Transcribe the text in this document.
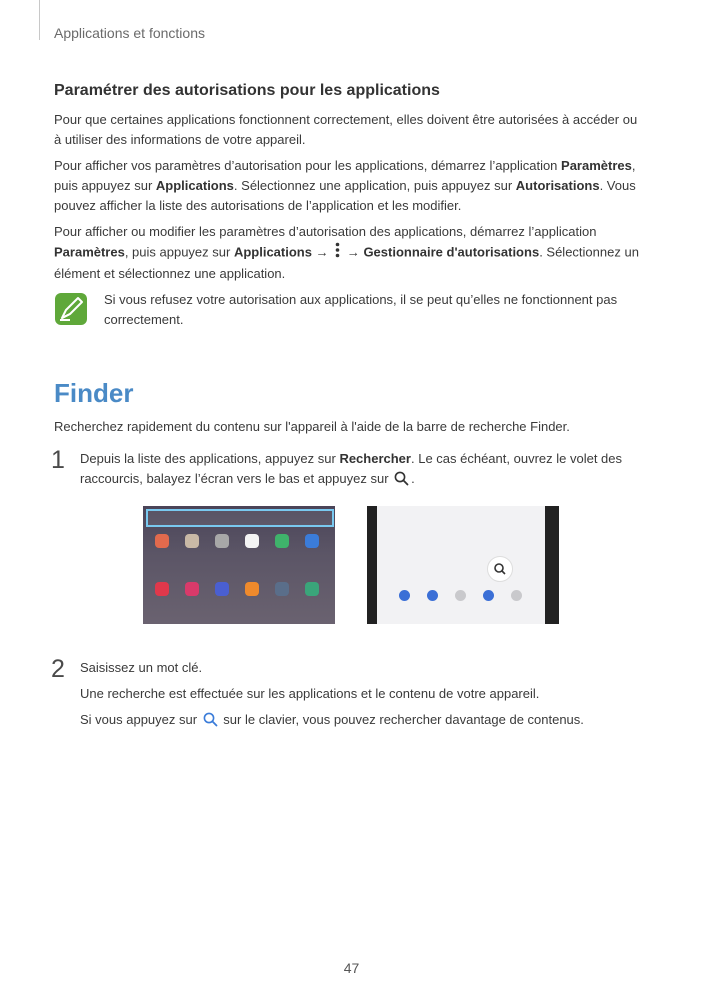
Applications et fonctions
Paramétrer des autorisations pour les applications

Pour que certaines applications fonctionnent correctement, elles doivent être autorisées à accéder ou à utiliser des informations de votre appareil.

Pour afficher vos paramètres d’autorisation pour les applications, démarrez l’application Paramètres, puis appuyez sur Applications. Sélectionnez une application, puis appuyez sur Autorisations. Vous pouvez afficher la liste des autorisations de l’application et les modifier.

Pour afficher ou modifier les paramètres d’autorisation des applications, démarrez l’application Paramètres, puis appuyez sur Applications →  → Gestionnaire d'autorisations. Sélectionnez un élément et sélectionnez une application.

Si vous refusez votre autorisation aux applications, il se peut qu’elles ne fonctionnent pas correctement.

Finder

Recherchez rapidement du contenu sur l'appareil à l'aide de la barre de recherche Finder.

1 Depuis la liste des applications, appuyez sur Rechercher. Le cas échéant, ouvrez le volet des raccourcis, balayez l’écran vers le bas et appuyez sur .

2 Saisissez un mot clé.

Une recherche est effectuée sur les applications et le contenu de votre appareil.

Si vous appuyez sur  sur le clavier, vous pouvez rechercher davantage de contenus.

47
